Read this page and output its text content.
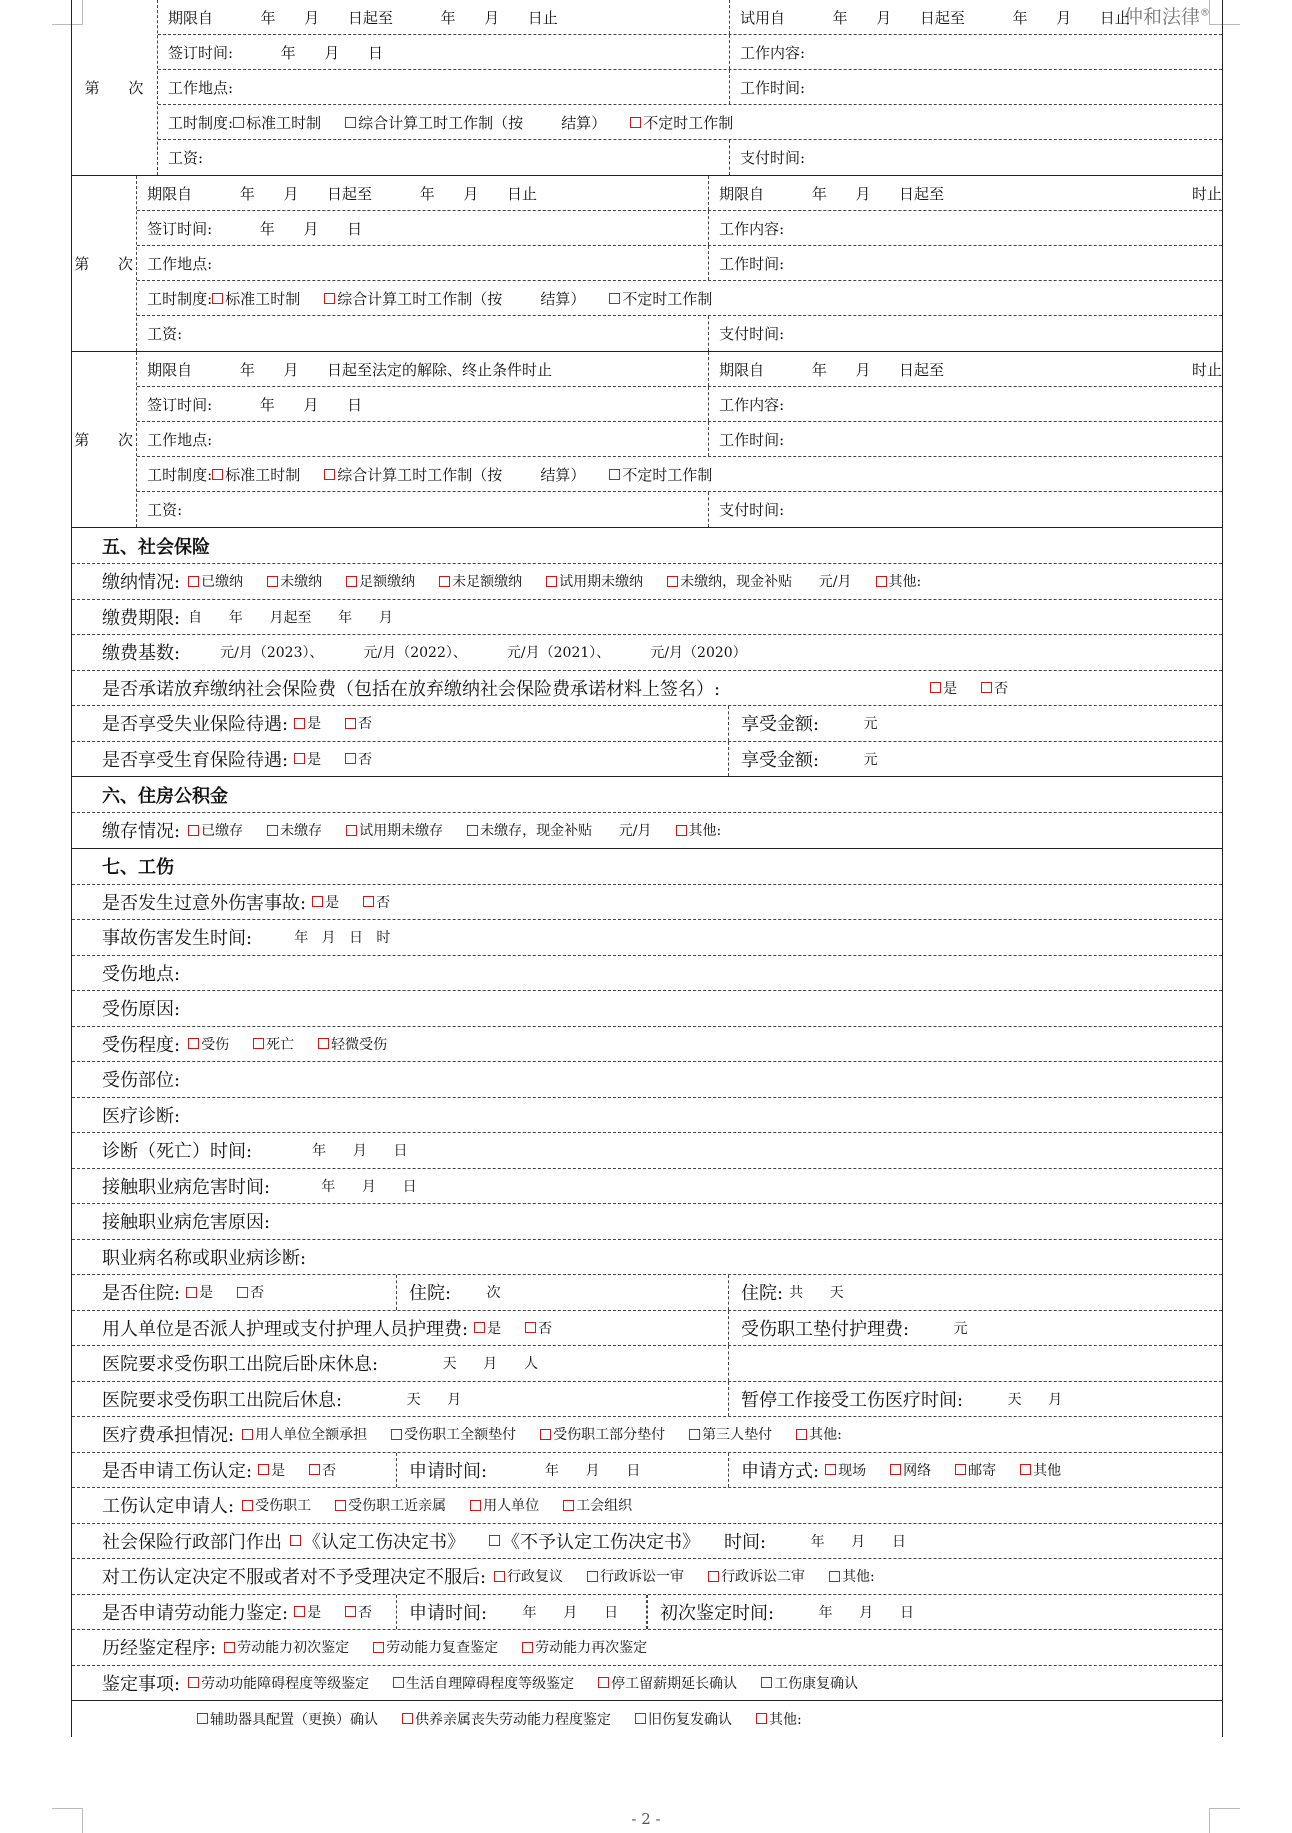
仲和法律®
第 次
期限自          年      月      日起至          年      月      日止	试用自          年      月      日起至          年      月      日止
签订时间:          年      月      日	工作内容:
工作地点:	工作时间:
工时制度: 标准工时制 综合计算工时工作制（按        结算） 不定时工作制
工资:	支付时间:
第 次
期限自          年      月      日起至          年      月      日止	期限自          年      月      日起至                                                    时止
签订时间:          年      月      日	工作内容:
工作地点:	工作时间:
工时制度: 标准工时制 综合计算工时工作制（按        结算） 不定时工作制
工资:	支付时间:
第 次
期限自          年      月      日起至法定的解除、终止条件时止	期限自          年      月      日起至                                                    时止
签订时间:          年      月      日	工作内容:
工作地点:	工作时间:
工时制度: 标准工时制 综合计算工时工作制（按        结算） 不定时工作制
工资:	支付时间:
五、社会保险
缴纳情况: 已缴纳	未缴纳	足额缴纳	未足额缴纳	试用期未缴纳	未缴纳，现金补贴      元/月	其他:
缴费期限: 自      年      月起至      年      月
缴费基数: 元/月（2023）、         元/月（2022）、         元/月（2021）、         元/月（2020）
是否承诺放弃缴纳社会保险费（包括在放弃缴纳社会保险费承诺材料上签名）:	是	否
是否享受失业保险待遇: 是	否	享受金额: 元
是否享受生育保险待遇: 是	否	享受金额: 元
六、住房公积金
缴存情况: 已缴存	未缴存	试用期未缴存	未缴存，现金补贴      元/月	其他:
七、工伤
是否发生过意外伤害事故: 是	否
事故伤害发生时间: 年   月   日   时
受伤地点:
受伤原因:
受伤程度: 受伤	死亡	轻微受伤
受伤部位:
医疗诊断:
诊断（死亡）时间: 年      月      日
接触职业病危害时间: 年      月      日
接触职业病危害原因:
职业病名称或职业病诊断:
是否住院: 是	否	住院: 次	住院: 共      天
用人单位是否派人护理或支付护理人员护理费: 是	否	受伤职工垫付护理费: 元
医院要求受伤职工出院后卧床休息: 天      月      人
医院要求受伤职工出院后休息: 天      月	暂停工作接受工伤医疗时间: 天      月
医疗费承担情况: 用人单位全额承担	受伤职工全额垫付	受伤职工部分垫付	第三人垫付	其他:
是否申请工伤认定: 是	否	申请时间: 年      月      日	申请方式: 现场	网络	邮寄	其他
工伤认定申请人: 受伤职工	受伤职工近亲属	用人单位	工会组织
社会保险行政部门作出 《认定工伤决定书》 《不予认定工伤决定书》 时间: 年      月      日
对工伤认定决定不服或者对不予受理决定不服后: 行政复议	行政诉讼一审	行政诉讼二审	其他:
是否申请劳动能力鉴定: 是	否 申请时间: 年      月      日 初次鉴定时间: 年      月      日
历经鉴定程序: 劳动能力初次鉴定	劳动能力复查鉴定	劳动能力再次鉴定
鉴定事项: 劳动功能障碍程度等级鉴定	生活自理障碍程度等级鉴定	停工留薪期延长确认	工伤康复确认
辅助器具配置（更换）确认	供养亲属丧失劳动能力程度鉴定	旧伤复发确认	其他:
- 2 -
